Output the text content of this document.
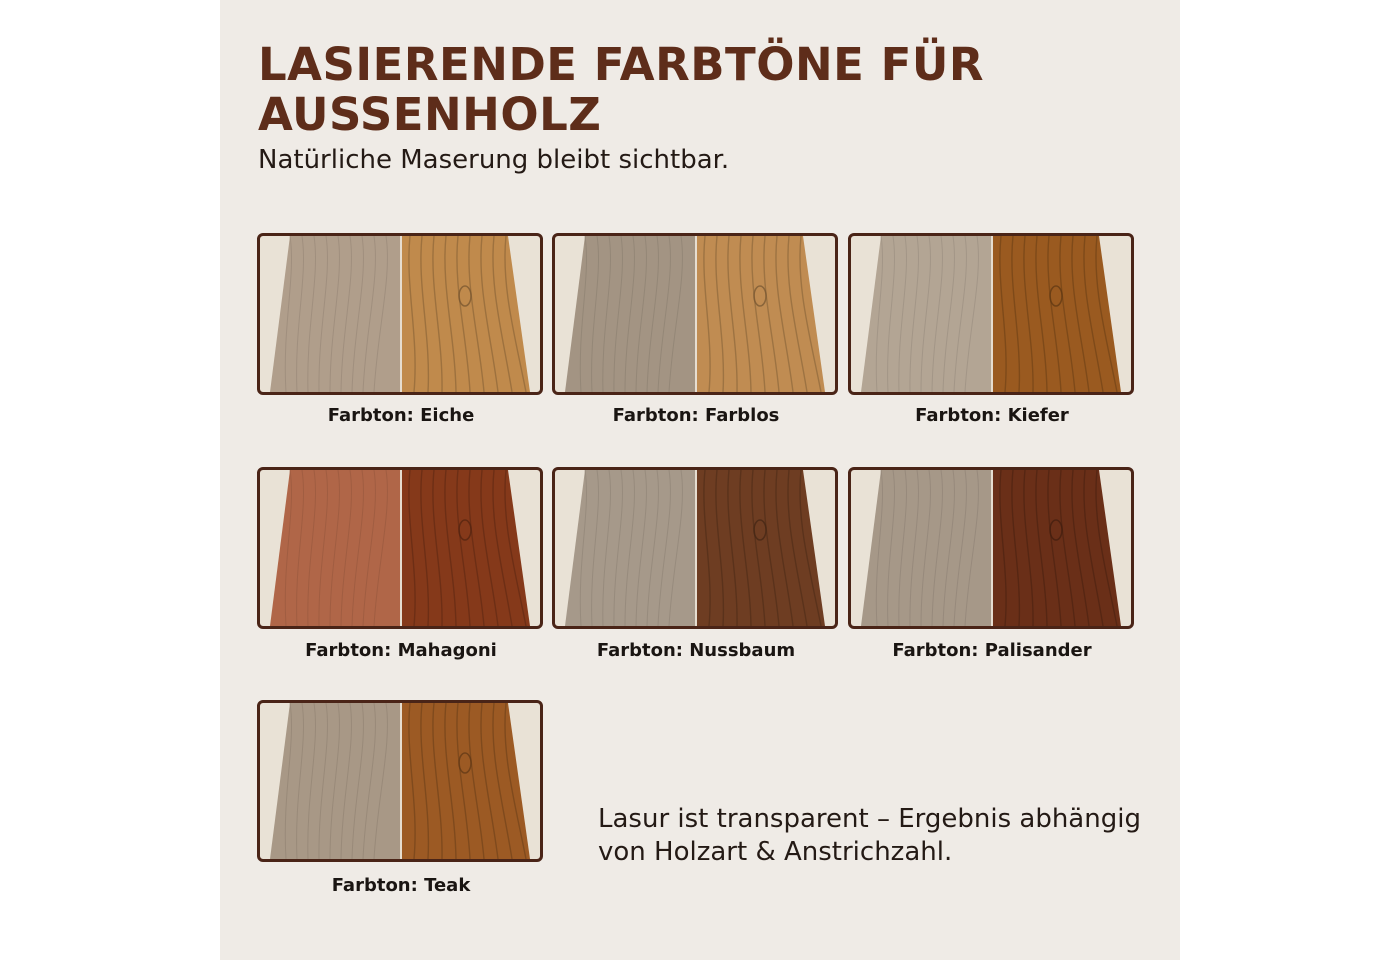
LASIERENDE FARBTÖNE FÜR AUSSENHOLZ

Natürliche Maserung bleibt sichtbar.

Farbton: Eiche	Farbton: Farblos	Farbton: Kiefer

Farbton: Mahagoni	Farbton: Nussbaum	Farbton: Palisander

Farbton: Teak

Lasur ist transparent – Ergebnis abhängig von Holzart & Anstrichzahl.
